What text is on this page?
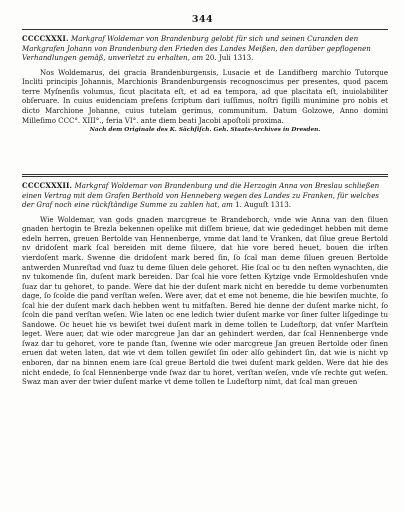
344

CCCCXXXI. Markgraf Woldemar von Brandenburg gelobt für sich und seinen Curanden den Markgrafen Johann von Brandenburg den Frieden des Landes Meißen, den darüber gepflogenen Verhandlungen gemäß, unverletzt zu erhalten, am 20. Juli 1313.

Nos Woldemarus, dei gracia Brandenburgensis, Lusacie et de Landifberg marchio Tutorque Incliti principis Johannis, Marchionis Brandenburgensis recognoscimus per presentes, quod pacem terre Myſnenſis volumus, ſicut placitata eſt, et ad ea tempora, ad que placitata eſt, inuiolabiliter obſeruare. In cuius euidenciam preſens ſcriptum dari iuſſimus, noſtri ſigilli munimine pro nobis et dicto Marchione Johanne, cuius tutelam gerimus, communitum. Datum Golzowe, Anno domini Milleſimo CCC°. XIII°., feria VI°. ante diem beati Jacobi apoſtoli proxima.

Nach dem Originale des K. Sächſiſch. Geh. Staats-Archives in Dresden.

CCCCXXXII. Markgraf Woldemar von Brandenburg und die Herzogin Anna von Breslau schließen einen Vertrag mit dem Grafen Berthold von Henneberg wegen des Landes zu Franken, für welches der Graf noch eine rückſtändige Summe zu zahlen hat, am 1. Auguſt 1313.

Wie Woldemar, van gods gnaden marcgreue te Brandeborch, vnde wie Anna van den ſiluen gnaden hertogin te Brezla bekennen opelike mit diſſem brieue, dat wie gededinget hebben mit deme edeln herren, greuen Bertolde van Hennenberge, vmme dat land te Vranken, dat ſilue greue Bertold nv dridoſent mark ſcal bereiden mit deme ſiluere, dat hie vore bered heuet, bouen die irſten vierdoſent mark. Swenne die dridoſent mark bered ſin, ſo ſcal man deme ſiluen greuen Bertolde antwerden Munreſtad vnd ſuaz tu deme ſiluen dele gehoret. Hie ſcal oc tu den neſten wynachten, die nv tukomende ſin, duſent mark bereiden. Dar ſcal hie vore ſetten Kytzige vnde Ermoldeshuſen vnde ſuaz dar tu gehoret, to pande. Were dat hie der duſent mark nicht en beredde tu deme vorbenumten dage, ſo ſcolde die pand verſtan weſen. Were aver, dat et eme not beneme, die hie bewiſen muchte, ſo ſcal hie der duſent mark dach hebben went tu mitfaſten. Bered hie denne der duſent marke nicht, ſo ſcoln die pand verſtan weſen. Wie laten oc ene ledich twier duſent marke vor ſiner ſulter liſgedinge tu Sandowe. Oc heuet hie vs bewiſet twei duſent mark in deme tollen te Ludeſtorp, dat vnſer Marſtein leget. Were auer, dat wie oder marcgreue Jan dar an gehindert werden, dar ſcal Hennenberge vnde ſwaz dar tu gehoret, vore te pande ſtan, ſwenne wie oder marcgreue Jan greuen Bertolde oder ſinen eruen dat weten laten, dat wie vt dem tollen gewiſet ſin oder alſo gehindert ſin, dat wie is nicht vp enboren, dar na binnen enem iare ſcal greue Bertold die twei duſent mark gelden. Were dat hie des nicht endede, ſo ſcal Hennenberge vnde ſwaz dar tu horet, verſtan weſen, vnde vſe rechte gut weſen. Swaz man aver der twier duſent marke vt deme tollen te Ludeſtorp nimt, dat ſcal man greuen
